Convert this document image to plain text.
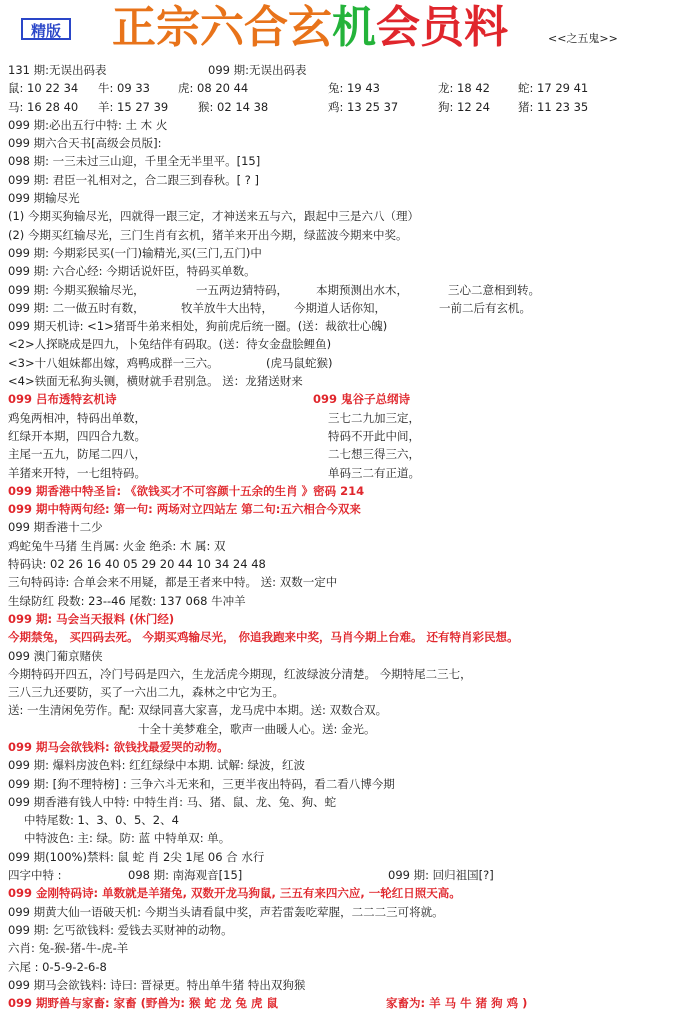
精版 正宗六合玄机会员料	<<之五鬼>>
131 期:无误出码表	099 期:无误出码表
鼠: 10 22 34	牛: 09 33	虎: 08 20 44	兔: 19 43	龙: 18 42	蛇: 17 29 41
马: 16 28 40	羊: 15 27 39	猴: 02 14 38	鸡: 13 25 37	狗: 12 24	猪: 11 23 35
099 期:必出五行中特: 土 木 火
099 期六合天书[高级会员版]:
098 期: 一三未过三山迎，千里全无半里平。[15]
099 期: 君臣一礼相对之，合二跟三到春秋。[ ? ]
099 期输尽光
(1) 今期买狗输尽光，四就得一跟三定，才神送来五与六，跟起中三是六八（理）
(2) 今期买红输尽光，三门生肖有玄机，猪羊来开出今期，绿蓝波今期来中奖。
099 期: 今期彩民买(一门)输精光,买(三门,五门)中
099 期: 六合心经: 今期话说奸臣，特码买单数。
099 期: 今期买猴输尽光，	一五两边猜特码，	本期预测出水木，	三心二意相到转。
099 期: 二一做五时有数，	牧羊放牛大出特，	今期道人话你知，	一前二后有玄机。
099 期天机诗: <1>猪哥牛弟来相处，狗前虎后统一圈。(送：裁欲壮心魄)
<2>人探晓成是四九，卜兔结伴有码取。(送：待女金盘脍鲤鱼)
<3>十八姐妹都出嫁，鸡鸭成群一三六。	(虎马鼠蛇猴)
<4>铁面无私狗头铡，横财就手君别急。 送：龙猪送财来
099 吕布透特玄机诗	099 鬼谷子总纲诗
鸡兔两相冲，特码出单数，	三七二九加三定，
红绿开本期，四四合九数。	特码不开此中间，
主尾一五九，防尾二四八，	二七想三得三六，
羊猪来开特，一七组特码。	单码三二有正道。
099 期香港中特圣旨: 《欲钱买才不可容颜十五余的生肖 》密码 214
099 期中特两句经: 第一句: 两场对立四站左 第二句:五六相合今双来
099 期香港十二少
鸡蛇兔牛马猪 生肖属: 火金 绝杀: 木 属: 双
特码诀: 02 26 16 40 05 29 20 44 10 34 24 48
三句特码诗: 合单会来不用疑，都是王者来中特。 送: 双数一定中
生绿防红 段数: 23--46 尾数: 137 068 牛冲羊
099 期: 马会当天报料 (休门经)
今期禁兔， 买四码去死。 今期买鸡输尽光， 你追我跑来中奖，马肖今期上台难。 还有特肖彩民想。
099 澳门葡京赌侠
今期特码开四五，冷门号码是四六，生龙活虎今期现，红波绿波分清楚。 今期特尾二三七，
三八三九还要防，买了一六出二九，森林之中它为王。
送: 一生清闲免劳作。配: 双绿同喜大家喜，龙马虎中本期。送: 双数合双。
十全十美梦难全，歌声一曲暖人心。送: 金光。
099 期马会欲钱料: 欲钱找最爱哭的动物。
099 期: 爆料房波色料: 红红绿绿中本期. 试解: 绿波，红波
099 期: [狗不理特榜] : 三争六斗无来和，三更半夜出特码，看二看八博今期
099 期香港有钱人中特: 中特生肖: 马、猪、鼠、龙、兔、狗、蛇
中特尾数: 1、3、0、5、2、4
中特波色: 主: 绿。防: 蓝 中特单双: 单。
099 期(100%)禁料: 鼠 蛇 肖 2尖 1尾 06 合 水行
四字中特 :	098 期: 南海观音[15]	099 期: 回归祖国[?]
099 金刚特码诗: 单数就是羊猪兔, 双数开龙马狗鼠, 三五有来四六应, 一轮红日照天高。
099 期黄大仙一语破天机: 今期当头请看鼠中奖，声若雷轰吃荤腥，二二二三可将就。
099 期: 乞丐欲钱料: 爱钱去买财神的动物。
六肖: 兔-猴-猪-牛-虎-羊
六尾 : 0-5-9-2-6-8
099 期马会欲钱料: 诗曰: 晋禄更。特出单牛猪 特出双狗猴
099 期野兽与家畜: 家畜 (野兽为: 猴 蛇 龙 兔 虎 鼠	家畜为: 羊 马 牛 猪 狗 鸡 )
